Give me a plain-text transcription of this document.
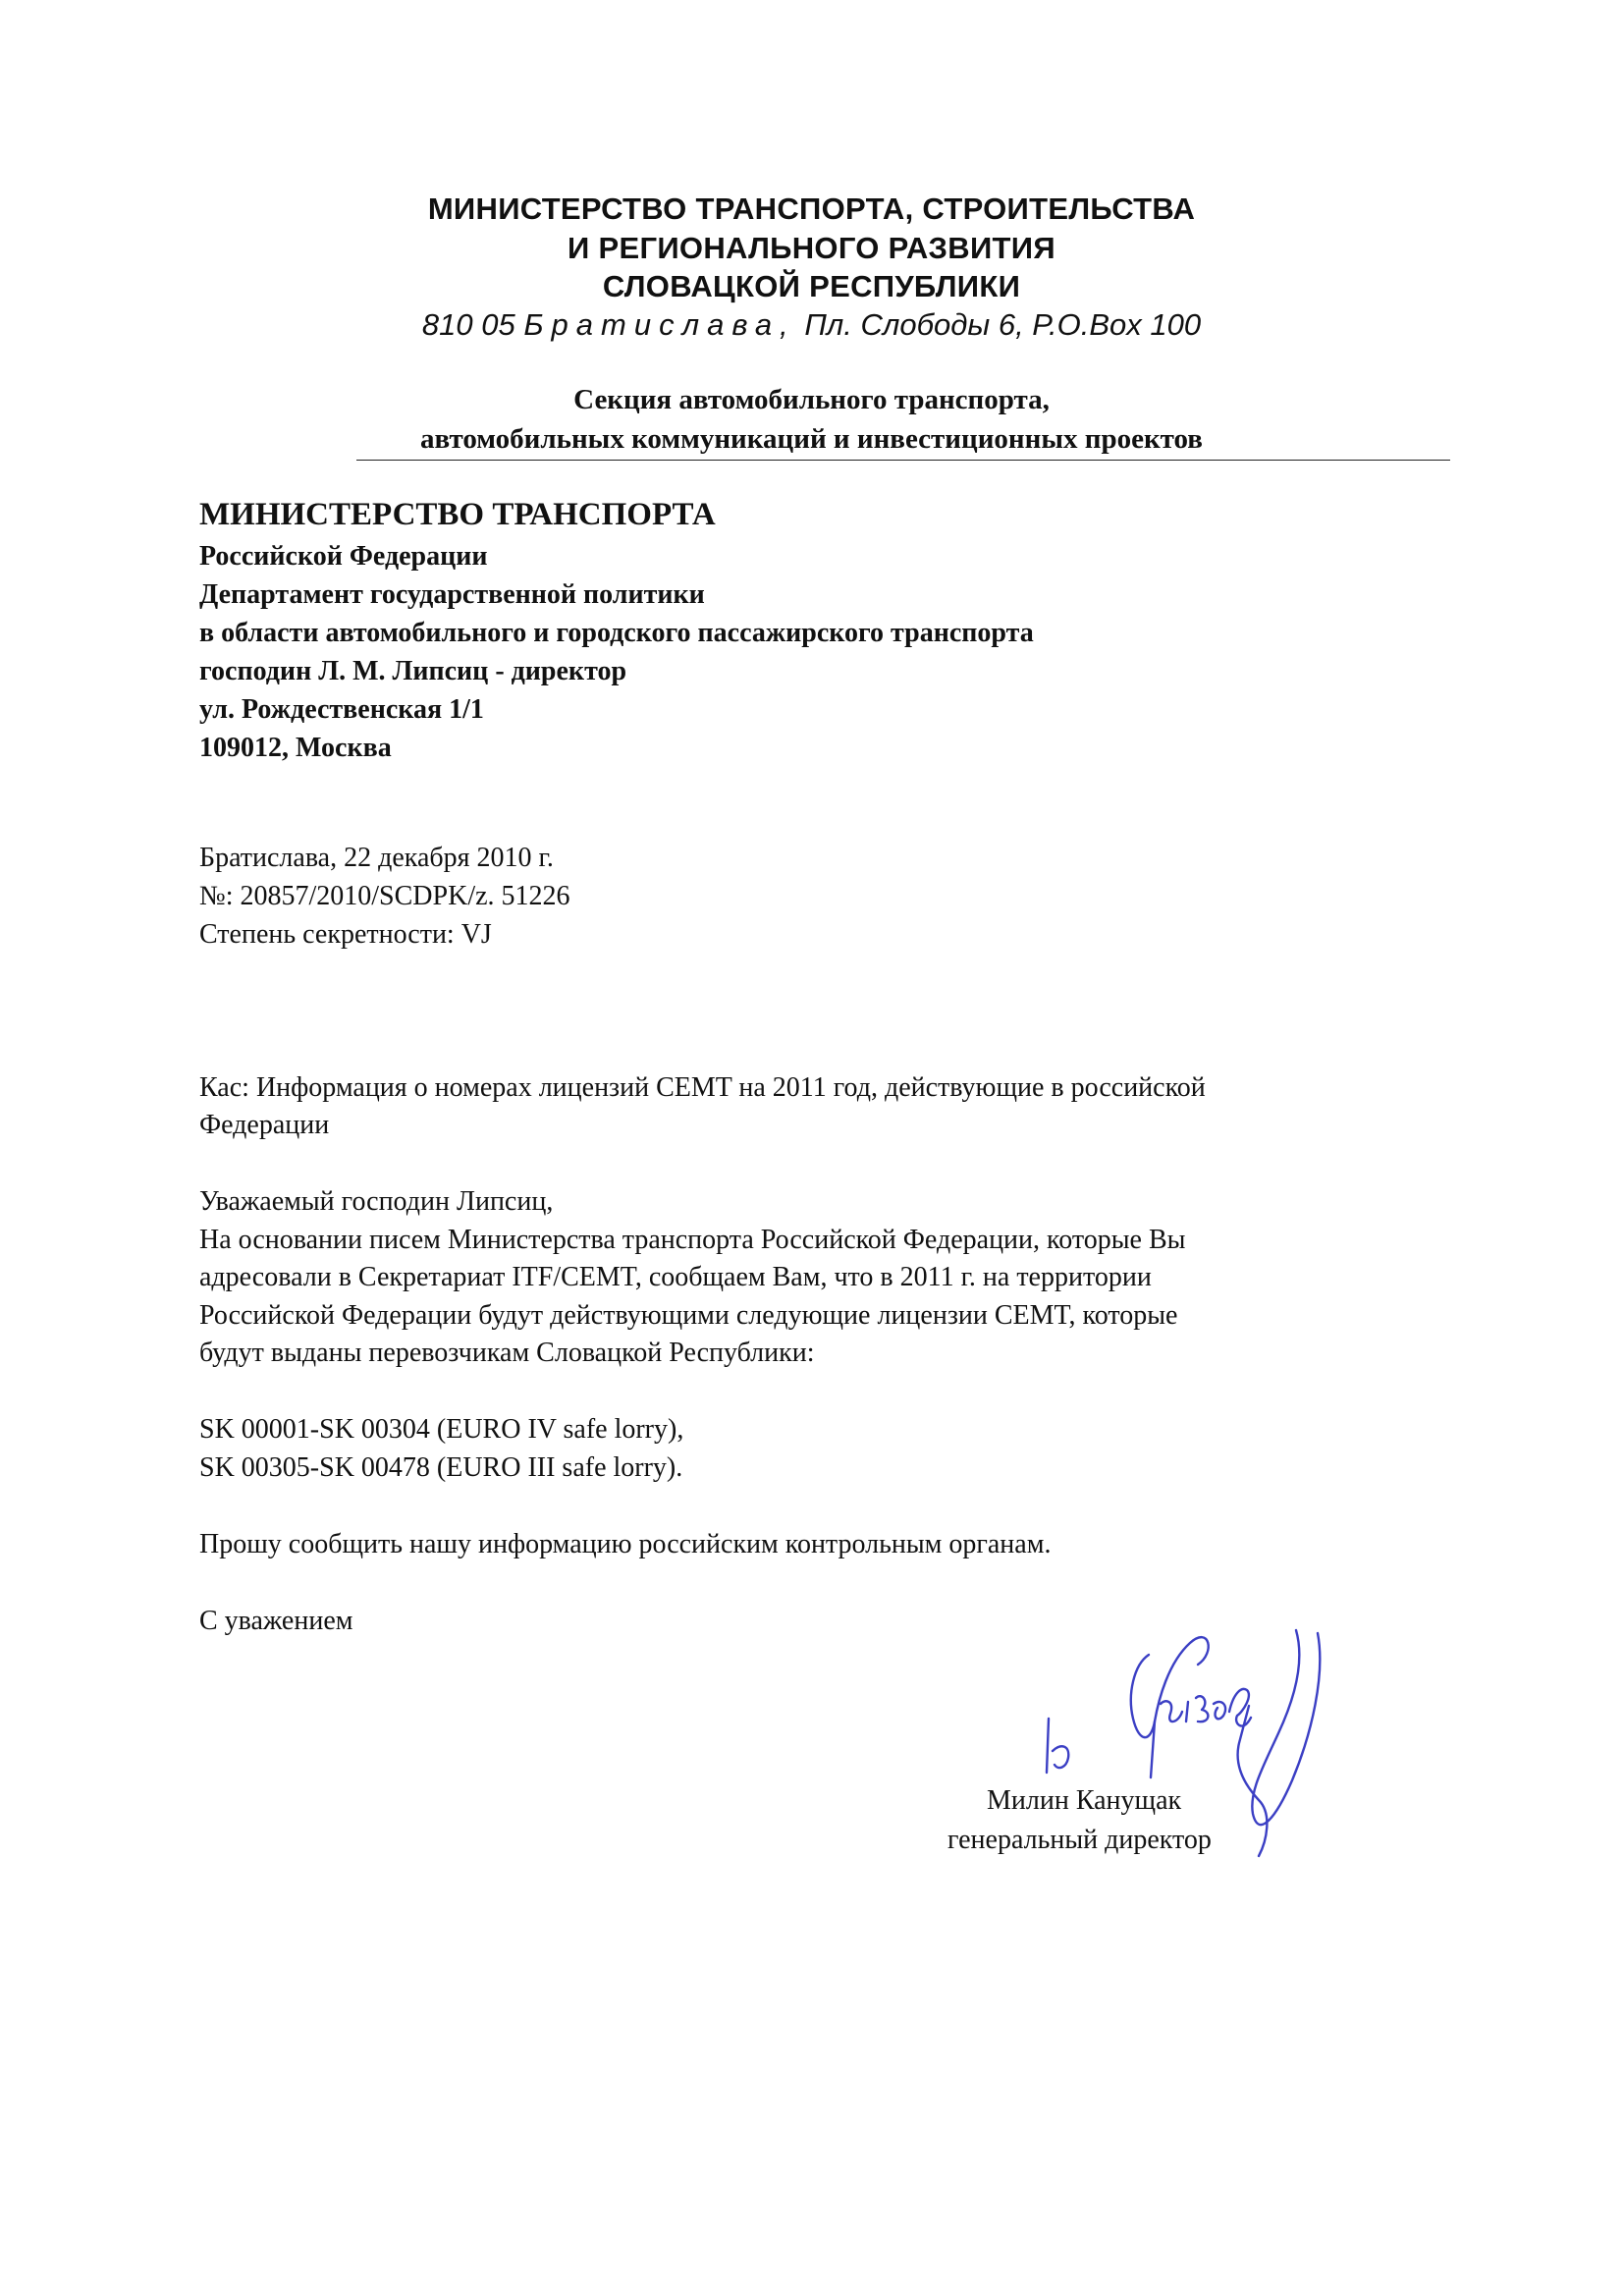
МИНИСТЕРСТВО ТРАНСПОРТА, СТРОИТЕЛЬСТВА
И РЕГИОНАЛЬНОГО РАЗВИТИЯ
СЛОВАЦКОЙ РЕСПУБЛИКИ
810 05 Братислава, Пл. Слободы 6, P.O.Box 100
Секция автомобильного транспорта,
автомобильных коммуникаций и инвестиционных проектов
МИНИСТЕРСТВО ТРАНСПОРТА
Российской Федерации
Департамент государственной политики
в области автомобильного и городского пассажирского транспорта
господин Л. М. Липсиц - директор
ул. Рождественская 1/1
109012, Москва
Братислава, 22 декабря 2010 г.
№: 20857/2010/SCDPK/z. 51226
Степень секретности: VJ
Кас: Информация о номерах лицензий CEMT на 2011 год, действующие в российской
Федерации
Уважаемый господин Липсиц,
На основании писем Министерства транспорта Российской Федерации, которые Вы
адресовали в Секретариат ITF/CEMT, сообщаем Вам, что в 2011 г. на территории
Российской Федерации будут действующими следующие лицензии CEMT, которые
будут выданы перевозчикам Словацкой Республики:
SK 00001-SK 00304 (EURO IV safe lorry),
SK 00305-SK 00478 (EURO III safe lorry).
Прошу сообщить нашу информацию российским контрольным органам.
С уважением
Милин Канущак
генеральный директор
